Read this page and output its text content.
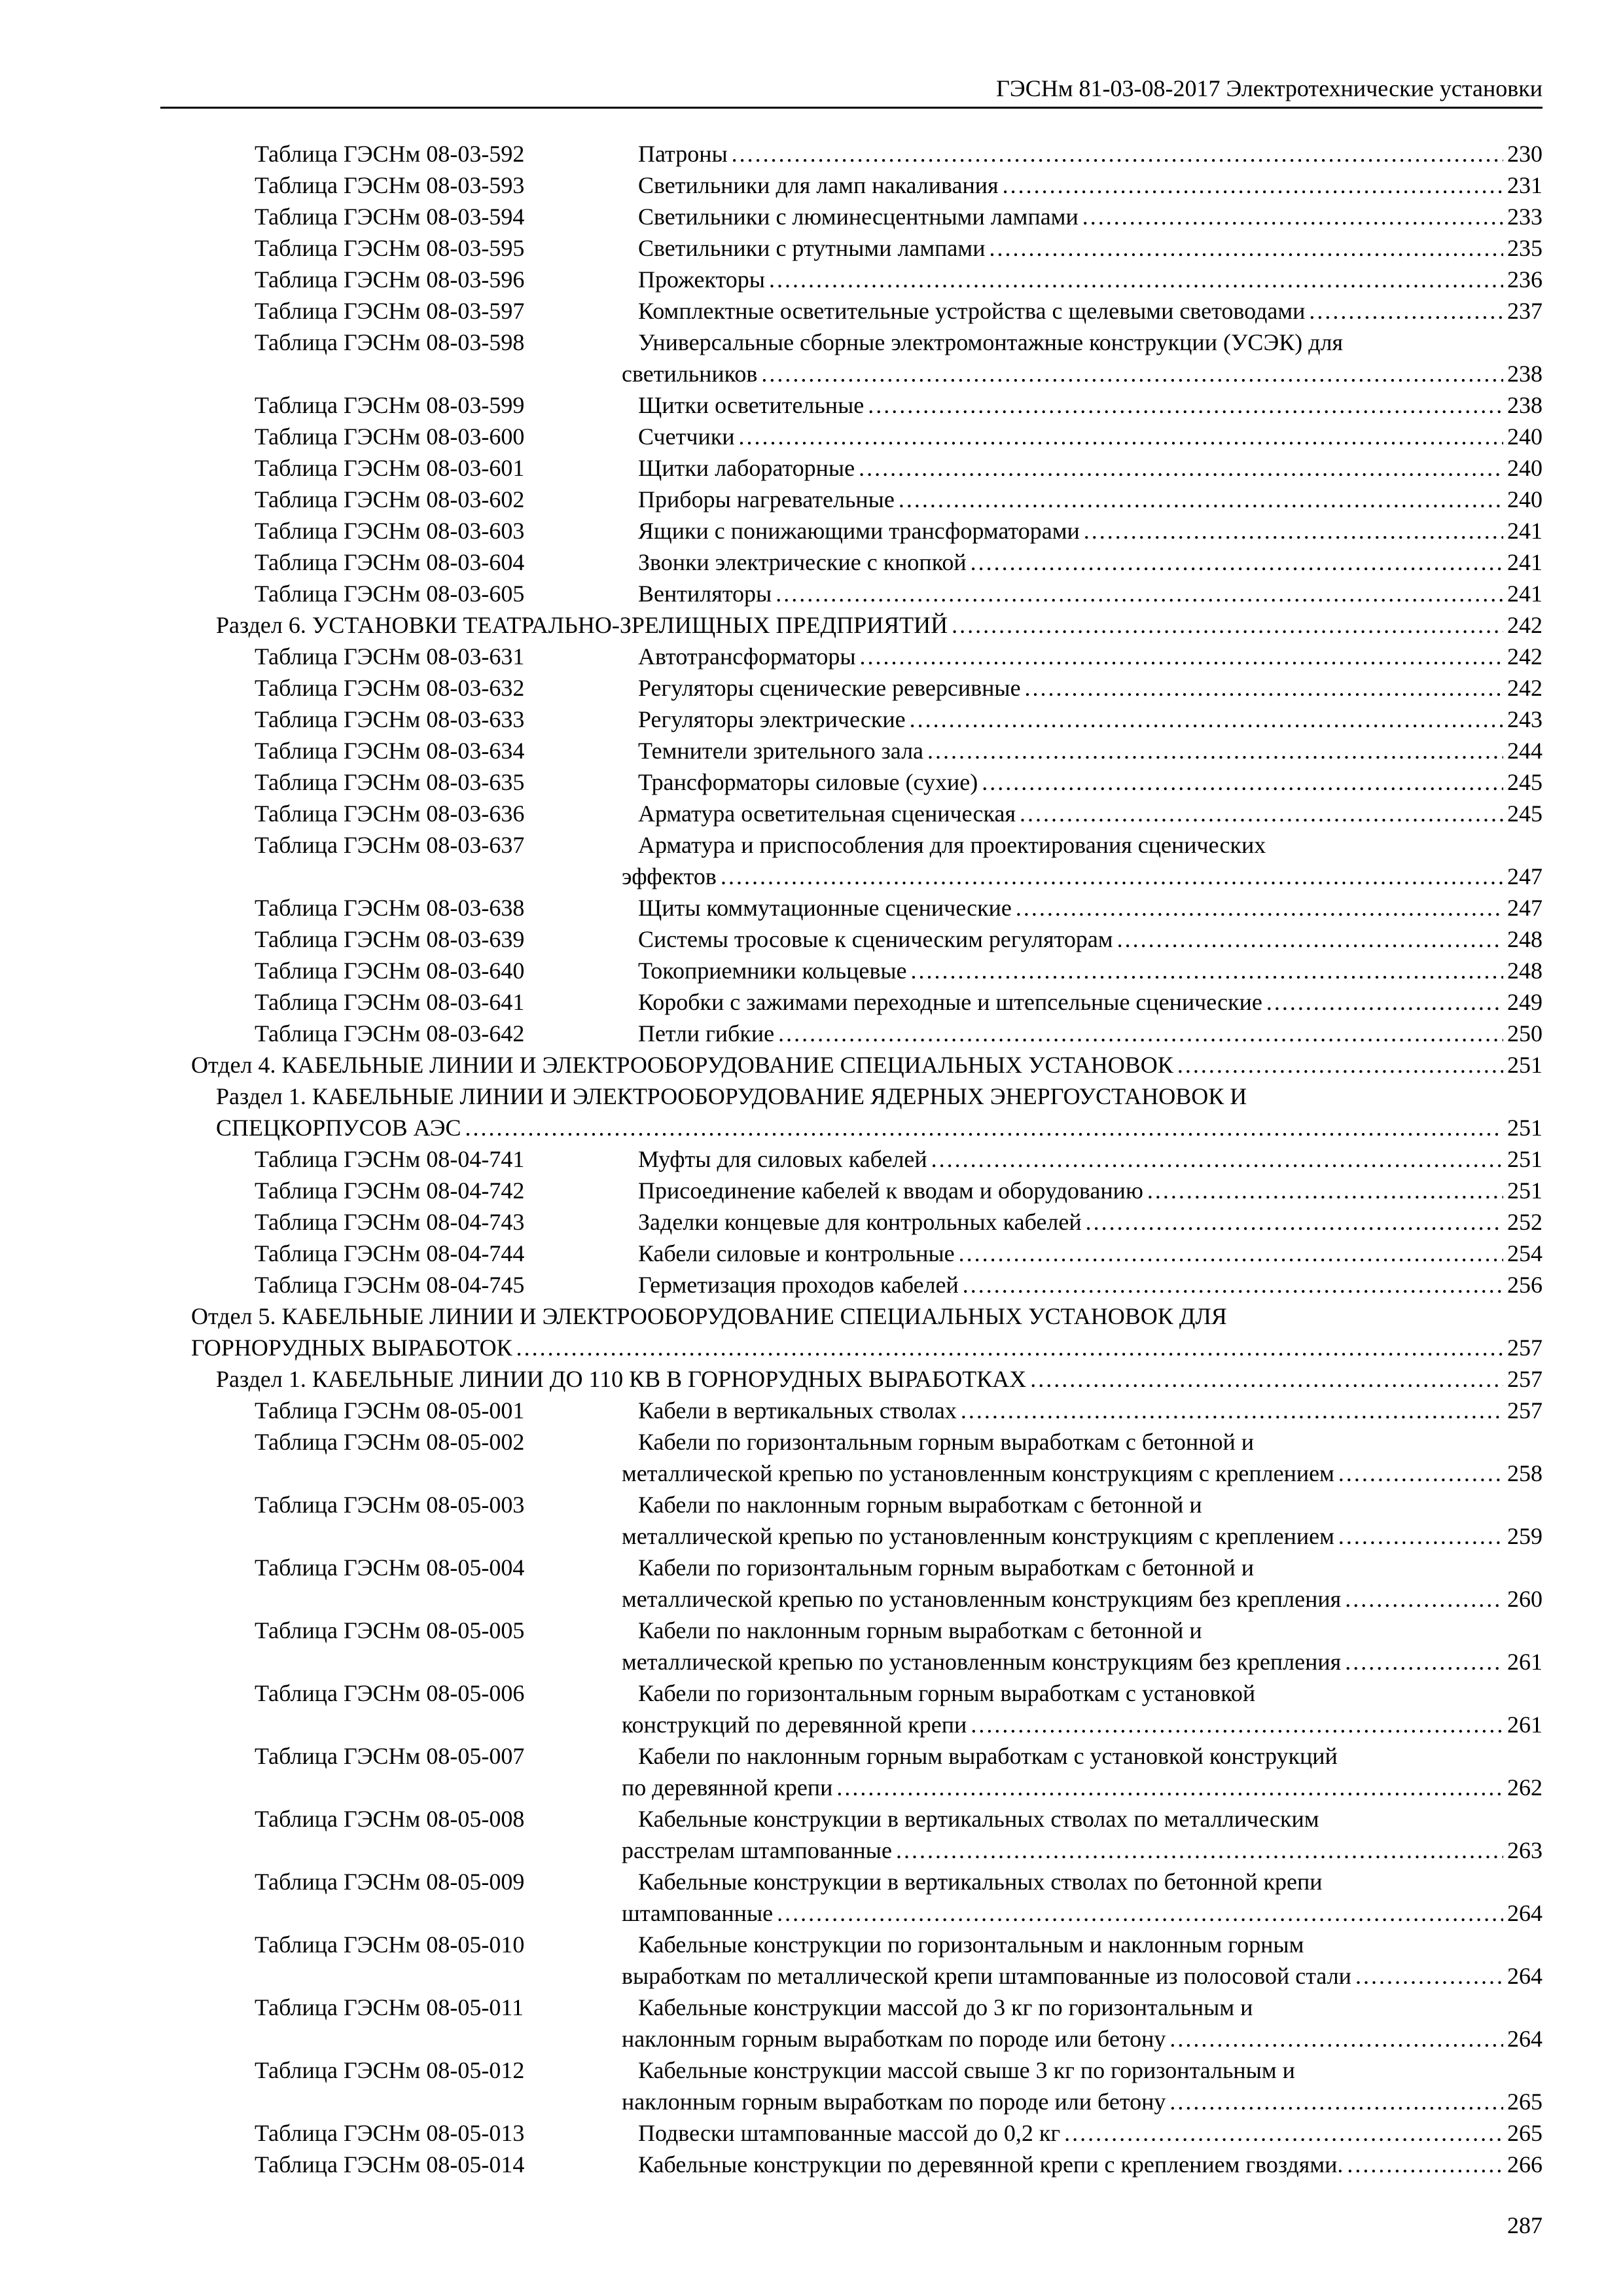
ГЭСНм 81-03-08-2017 Электротехнические установки
Таблица ГЭСНм 08-03-592	Патроны .....	230
Таблица ГЭСНм 08-03-593	Светильники для ламп накаливания .....	231
Таблица ГЭСНм 08-03-594	Светильники с люминесцентными лампами .....	233
Таблица ГЭСНм 08-03-595	Светильники с ртутными лампами .....	235
Таблица ГЭСНм 08-03-596	Прожекторы .....	236
Таблица ГЭСНм 08-03-597	Комплектные осветительные устройства с щелевыми световодами .....	237
Таблица ГЭСНм 08-03-598	Универсальные сборные электромонтажные конструкции (УСЭК) для
светильников .....	238
Таблица ГЭСНм 08-03-599	Щитки осветительные .....	238
Таблица ГЭСНм 08-03-600	Счетчики .....	240
Таблица ГЭСНм 08-03-601	Щитки лабораторные .....	240
Таблица ГЭСНм 08-03-602	Приборы нагревательные .....	240
Таблица ГЭСНм 08-03-603	Ящики с понижающими трансформаторами .....	241
Таблица ГЭСНм 08-03-604	Звонки электрические с кнопкой .....	241
Таблица ГЭСНм 08-03-605	Вентиляторы .....	241
Раздел 6. УСТАНОВКИ ТЕАТРАЛЬНО-ЗРЕЛИЩНЫХ ПРЕДПРИЯТИЙ .....	242
Таблица ГЭСНм 08-03-631	Автотрансформаторы .....	242
Таблица ГЭСНм 08-03-632	Регуляторы сценические реверсивные .....	242
Таблица ГЭСНм 08-03-633	Регуляторы электрические .....	243
Таблица ГЭСНм 08-03-634	Темнители зрительного зала .....	244
Таблица ГЭСНм 08-03-635	Трансформаторы силовые (сухие) .....	245
Таблица ГЭСНм 08-03-636	Арматура осветительная сценическая .....	245
Таблица ГЭСНм 08-03-637	Арматура и приспособления для проектирования сценических
эффектов .....	247
Таблица ГЭСНм 08-03-638	Щиты коммутационные сценические .....	247
Таблица ГЭСНм 08-03-639	Системы тросовые к сценическим регуляторам .....	248
Таблица ГЭСНм 08-03-640	Токоприемники кольцевые .....	248
Таблица ГЭСНм 08-03-641	Коробки с зажимами переходные и штепсельные сценические .....	249
Таблица ГЭСНм 08-03-642	Петли гибкие .....	250
Отдел 4. КАБЕЛЬНЫЕ ЛИНИИ И ЭЛЕКТРООБОРУДОВАНИЕ СПЕЦИАЛЬНЫХ УСТАНОВОК .....	251
Раздел 1. КАБЕЛЬНЫЕ ЛИНИИ И ЭЛЕКТРООБОРУДОВАНИЕ ЯДЕРНЫХ ЭНЕРГОУСТАНОВОК И
СПЕЦКОРПУСОВ АЭС .....	251
Таблица ГЭСНм 08-04-741	Муфты для силовых кабелей .....	251
Таблица ГЭСНм 08-04-742	Присоединение кабелей к вводам и оборудованию .....	251
Таблица ГЭСНм 08-04-743	Заделки концевые для контрольных кабелей .....	252
Таблица ГЭСНм 08-04-744	Кабели силовые и контрольные .....	254
Таблица ГЭСНм 08-04-745	Герметизация проходов кабелей .....	256
Отдел 5. КАБЕЛЬНЫЕ ЛИНИИ И ЭЛЕКТРООБОРУДОВАНИЕ СПЕЦИАЛЬНЫХ УСТАНОВОК ДЛЯ
ГОРНОРУДНЫХ ВЫРАБОТОК .....	257
Раздел 1. КАБЕЛЬНЫЕ ЛИНИИ ДО 110 КВ В ГОРНОРУДНЫХ ВЫРАБОТКАХ .....	257
Таблица ГЭСНм 08-05-001	Кабели в вертикальных стволах .....	257
Таблица ГЭСНм 08-05-002	Кабели по горизонтальным горным выработкам с бетонной и
металлической крепью по установленным конструкциям с креплением .....	258
Таблица ГЭСНм 08-05-003	Кабели по наклонным горным выработкам с бетонной и
металлической крепью по установленным конструкциям с креплением .....	259
Таблица ГЭСНм 08-05-004	Кабели по горизонтальным горным выработкам с бетонной и
металлической крепью по установленным конструкциям без крепления .....	260
Таблица ГЭСНм 08-05-005	Кабели по наклонным горным выработкам с бетонной и
металлической крепью по установленным конструкциям без крепления .....	261
Таблица ГЭСНм 08-05-006	Кабели по горизонтальным горным выработкам с установкой
конструкций по деревянной крепи .....	261
Таблица ГЭСНм 08-05-007	Кабели по наклонным горным выработкам с установкой конструкций
по деревянной крепи .....	262
Таблица ГЭСНм 08-05-008	Кабельные конструкции в вертикальных стволах по металлическим
расстрелам штампованные .....	263
Таблица ГЭСНм 08-05-009	Кабельные конструкции в вертикальных стволах по бетонной крепи
штампованные .....	264
Таблица ГЭСНм 08-05-010	Кабельные конструкции по горизонтальным и наклонным горным
выработкам по металлической крепи штампованные из полосовой стали .....	264
Таблица ГЭСНм 08-05-011	Кабельные конструкции массой до 3 кг по горизонтальным и
наклонным горным выработкам по породе или бетону .....	264
Таблица ГЭСНм 08-05-012	Кабельные конструкции массой свыше 3 кг по горизонтальным и
наклонным горным выработкам по породе или бетону .....	265
Таблица ГЭСНм 08-05-013	Подвески штампованные массой до 0,2 кг .....	265
Таблица ГЭСНм 08-05-014	Кабельные конструкции по деревянной крепи с креплением гвоздями. .....	266
287
